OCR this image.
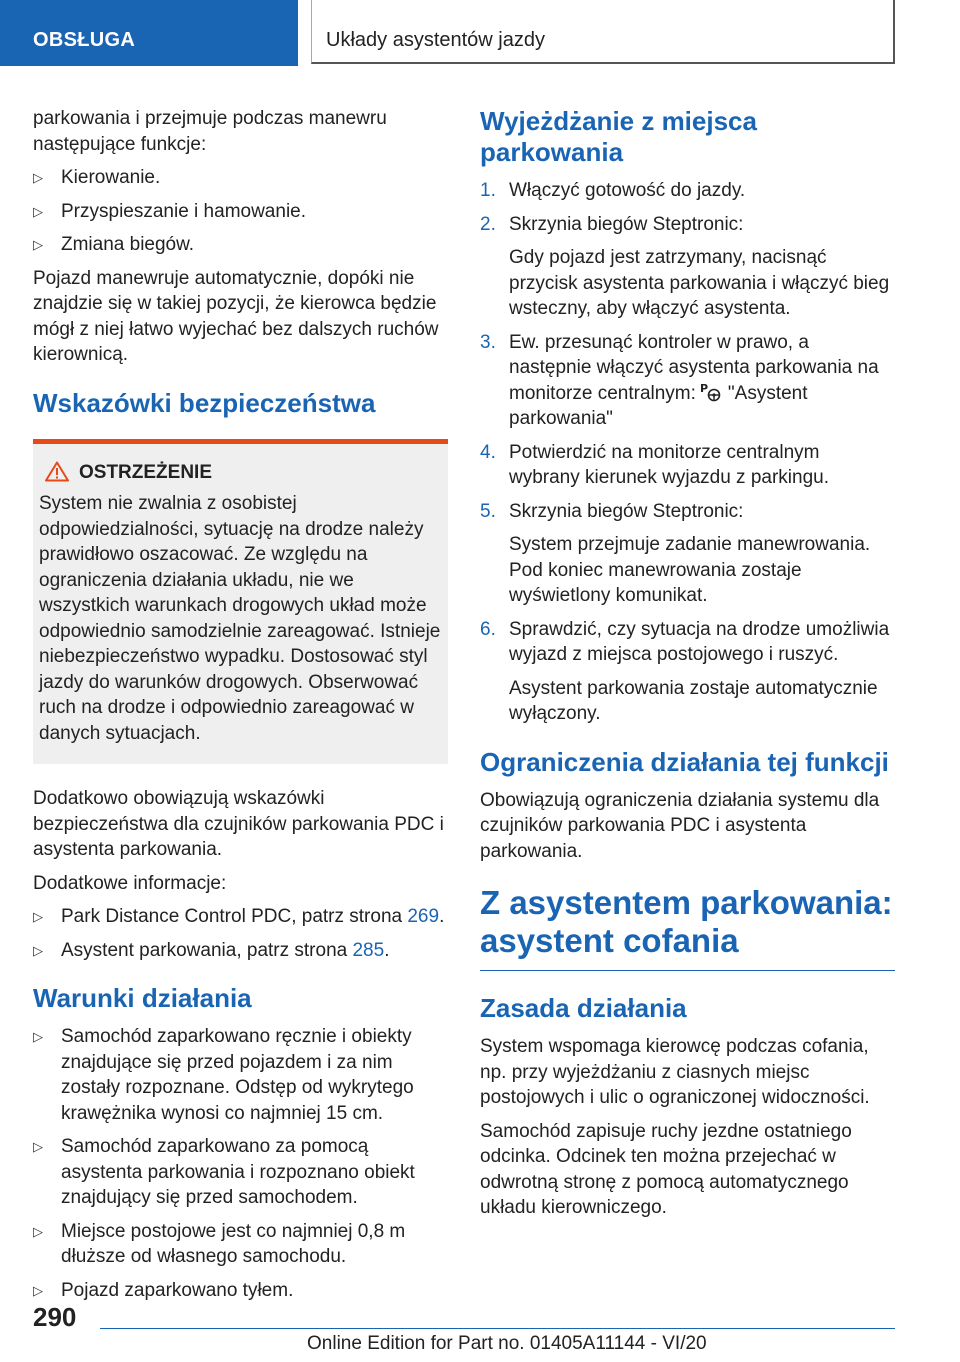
OBSŁUGA	Układy asystentów jazdy

parkowania i przejmuje podczas manewru następujące funkcje:

▷ Kierowanie.
▷ Przyspieszanie i hamowanie.
▷ Zmiana biegów.

Pojazd manewruje automatycznie, dopóki nie znajdzie się w takiej pozycji, że kierowca będzie mógł z niej łatwo wyjechać bez dalszych ruchów kierownicą.

Wskazówki bezpieczeństwa
OSTRZEŻENIE

System nie zwalnia z osobistej odpowiedzialności, sytuację na drodze należy prawidłowo oszacować. Ze względu na ograniczenia działania układu, nie we wszystkich warunkach drogowych układ może odpowiednio samodzielnie zareagować. Istnieje niebezpieczeństwo wypadku. Dostosować styl jazdy do warunków drogowych. Obserwować ruch na drodze i odpowiednio zareagować w danych sytuacjach.

Dodatkowo obowiązują wskazówki bezpieczeństwa dla czujników parkowania PDC i asystenta parkowania.

Dodatkowe informacje:

▷ Park Distance Control PDC, patrz strona 269.
▷ Asystent parkowania, patrz strona 285.
Warunki działania
▷ Samochód zaparkowano ręcznie i obiekty znajdujące się przed pojazdem i za nim zostały rozpoznane. Odstęp od wykrytego krawężnika wynosi co najmniej 15 cm.
▷ Samochód zaparkowano za pomocą asystenta parkowania i rozpoznano obiekt znajdujący się przed samochodem.
▷ Miejsce postojowe jest co najmniej 0,8 m dłuższe od własnego samochodu.
▷ Pojazd zaparkowano tyłem.
Wyjeżdżanie z miejsca parkowania
1. Włączyć gotowość do jazdy.
2. Skrzynia biegów Steptronic:

Gdy pojazd jest zatrzymany, nacisnąć przycisk asystenta parkowania i włączyć bieg wsteczny, aby włączyć asystenta.

3. Ew. przesunąć kontroler w prawo, a następnie włączyć asystenta parkowania na monitorze centralnym: P "Asystent parkowania"
4. Potwierdzić na monitorze centralnym wybrany kierunek wyjazdu z parkingu.
5. Skrzynia biegów Steptronic:

System przejmuje zadanie manewrowania. Pod koniec manewrowania zostaje wyświetlony komunikat.

6. Sprawdzić, czy sytuacja na drodze umożliwia wyjazd z miejsca postojowego i ruszyć.

Asystent parkowania zostaje automatycznie wyłączony.

Ograniczenia działania tej funkcji

Obowiązują ograniczenia działania systemu dla czujników parkowania PDC i asystenta parkowania.

Z asystentem parkowania: asystent cofania
Zasada działania

System wspomaga kierowcę podczas cofania, np. przy wyjeżdżaniu z ciasnych miejsc postojowych i ulic o ograniczonej widoczności.

Samochód zapisuje ruchy jezdne ostatniego odcinka. Odcinek ten można przejechać w odwrotną stronę z pomocą automatycznego układu kierowniczego.

290
Online Edition for Part no. 01405A11144 - VI/20
